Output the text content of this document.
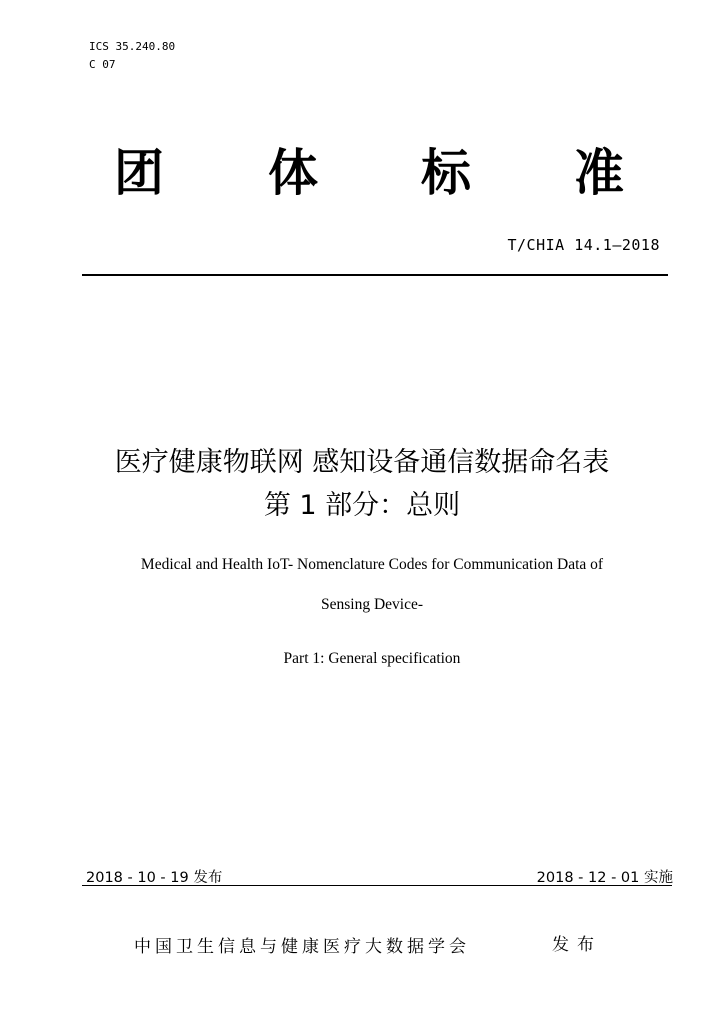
ICS 35.240.80
C 07
团 体 标 准
T/CHIA 14.1—2018
医疗健康物联网 感知设备通信数据命名表
第 1 部分：总则
Medical and Health IoT- Nomenclature Codes for Communication Data of
Sensing Device-
Part 1: General specification
2018 - 10 - 19 发布	2018 - 12 - 01 实施
中国卫生信息与健康医疗大数据学会	发布
